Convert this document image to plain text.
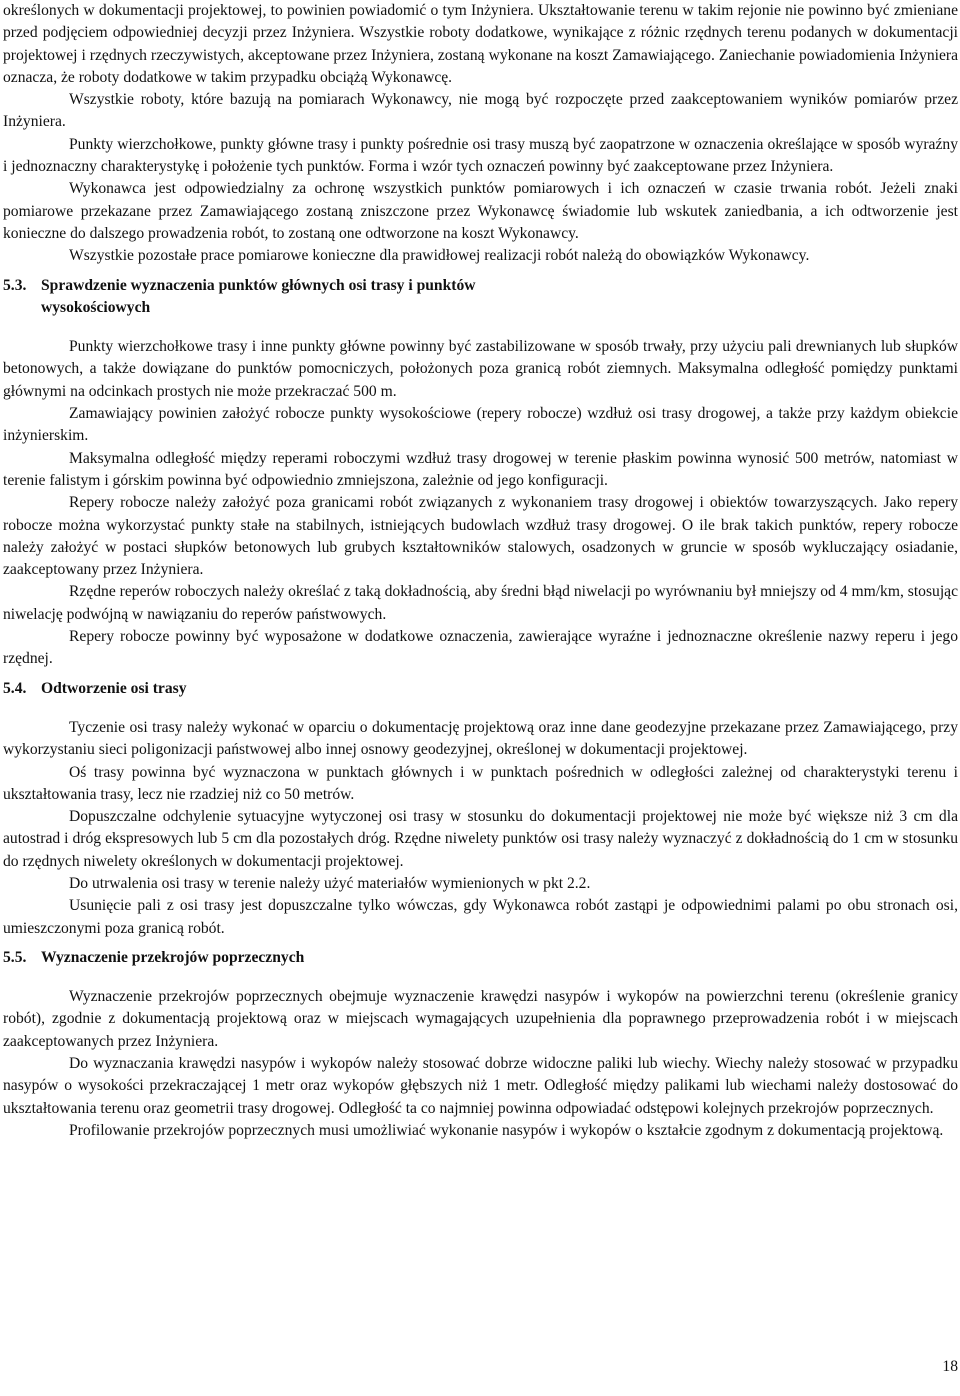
określonych w dokumentacji projektowej, to powinien powiadomić o tym Inżyniera. Ukształtowanie terenu w takim rejonie nie powinno być zmieniane przed podjęciem odpowiedniej decyzji przez Inżyniera. Wszystkie roboty dodatkowe, wynikające z różnic rzędnych terenu podanych w dokumentacji projektowej i rzędnych rzeczywistych, akceptowane przez Inżyniera, zostaną wykonane na koszt Zamawiającego. Zaniechanie powiadomienia Inżyniera oznacza, że roboty dodatkowe w takim przypadku obciążą Wykonawcę.

Wszystkie roboty, które bazują na pomiarach Wykonawcy, nie mogą być rozpoczęte przed zaakceptowaniem wyników pomiarów przez Inżyniera.

Punkty wierzchołkowe, punkty główne trasy i punkty pośrednie osi trasy muszą być zaopatrzone w oznaczenia określające w sposób wyraźny i jednoznaczny charakterystykę i położenie tych punktów. Forma i wzór tych oznaczeń powinny być zaakceptowane przez Inżyniera.

Wykonawca jest odpowiedzialny za ochronę wszystkich punktów pomiarowych i ich oznaczeń w czasie trwania robót. Jeżeli znaki pomiarowe przekazane przez Zamawiającego zostaną zniszczone przez Wykonawcę świadomie lub wskutek zaniedbania, a ich odtworzenie jest konieczne do dalszego prowadzenia robót, to zostaną one odtworzone na koszt Wykonawcy.

Wszystkie pozostałe prace pomiarowe konieczne dla prawidłowej realizacji robót należą do obowiązków Wykonawcy.

5.3. Sprawdzenie wyznaczenia punktów głównych osi trasy i punktów
wysokościowych

Punkty wierzchołkowe trasy i inne punkty główne powinny być zastabilizowane w sposób trwały, przy użyciu pali drewnianych lub słupków betonowych, a także dowiązane do punktów pomocniczych, położonych poza granicą robót ziemnych. Maksymalna odległość pomiędzy punktami głównymi na odcinkach prostych nie może przekraczać 500 m.

Zamawiający powinien założyć robocze punkty wysokościowe (repery robocze) wzdłuż osi trasy drogowej, a także przy każdym obiekcie inżynierskim.

Maksymalna odległość między reperami roboczymi wzdłuż trasy drogowej w terenie płaskim powinna wynosić 500 metrów, natomiast w terenie falistym i górskim powinna być odpowiednio zmniejszona, zależnie od jego konfiguracji.

Repery robocze należy założyć poza granicami robót związanych z wykonaniem trasy drogowej i obiektów towarzyszących. Jako repery robocze można wykorzystać punkty stałe na stabilnych, istniejących budowlach wzdłuż trasy drogowej. O ile brak takich punktów, repery robocze należy założyć w postaci słupków betonowych lub grubych kształtowników stalowych, osadzonych w gruncie w sposób wykluczający osiadanie, zaakceptowany przez Inżyniera.

Rzędne reperów roboczych należy określać z taką dokładnością, aby średni błąd niwelacji po wyrównaniu był mniejszy od 4 mm/km, stosując niwelację podwójną w nawiązaniu do reperów państwowych.

Repery robocze powinny być wyposażone w dodatkowe oznaczenia, zawierające wyraźne i jednoznaczne określenie nazwy reperu i jego rzędnej.

5.4. Odtworzenie osi trasy

Tyczenie osi trasy należy wykonać w oparciu o dokumentację projektową oraz inne dane geodezyjne przekazane przez Zamawiającego, przy wykorzystaniu sieci poligonizacji państwowej albo innej osnowy geodezyjnej, określonej w dokumentacji projektowej.

Oś trasy powinna być wyznaczona w punktach głównych i w punktach pośrednich w odległości zależnej od charakterystyki terenu i ukształtowania trasy, lecz nie rzadziej niż co 50 metrów.

Dopuszczalne odchylenie sytuacyjne wytyczonej osi trasy w stosunku do dokumentacji projektowej nie może być większe niż 3 cm dla autostrad i dróg ekspresowych lub 5 cm dla pozostałych dróg. Rzędne niwelety punktów osi trasy należy wyznaczyć z dokładnością do 1 cm w stosunku do rzędnych niwelety określonych w dokumentacji projektowej.

Do utrwalenia osi trasy w terenie należy użyć materiałów wymienionych w pkt 2.2.

Usunięcie pali z osi trasy jest dopuszczalne tylko wówczas, gdy Wykonawca robót zastąpi je odpowiednimi palami po obu stronach osi, umieszczonymi poza granicą robót.

5.5. Wyznaczenie przekrojów poprzecznych

Wyznaczenie przekrojów poprzecznych obejmuje wyznaczenie krawędzi nasypów i wykopów na powierzchni terenu (określenie granicy robót), zgodnie z dokumentacją projektową oraz w miejscach wymagających uzupełnienia dla poprawnego przeprowadzenia robót i w miejscach zaakceptowanych przez Inżyniera.

Do wyznaczania krawędzi nasypów i wykopów należy stosować dobrze widoczne paliki lub wiechy. Wiechy należy stosować w przypadku nasypów o wysokości przekraczającej 1 metr oraz wykopów głębszych niż 1 metr. Odległość między palikami lub wiechami należy dostosować do ukształtowania terenu oraz geometrii trasy drogowej. Odległość ta co najmniej powinna odpowiadać odstępowi kolejnych przekrojów poprzecznych.

Profilowanie przekrojów poprzecznych musi umożliwiać wykonanie nasypów i wykopów o kształcie zgodnym z dokumentacją projektową.

18
